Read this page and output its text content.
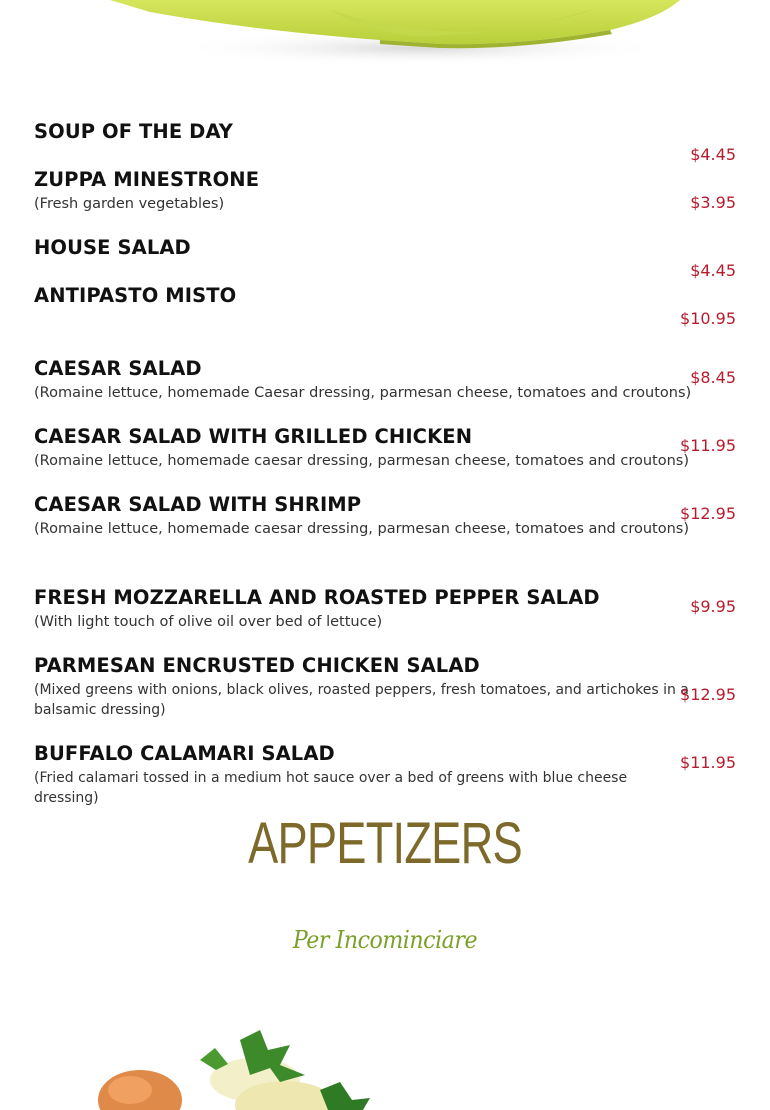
SOUP OF THE DAY
$4.45
ZUPPA MINESTRONE
(Fresh garden vegetables)	$3.95
HOUSE SALAD
$4.45
ANTIPASTO MISTO
$10.95
CAESAR SALAD
(Romaine lettuce, homemade Caesar dressing, parmesan cheese, tomatoes and croutons)
$8.45
CAESAR SALAD WITH GRILLED CHICKEN
(Romaine lettuce, homemade caesar dressing, parmesan cheese, tomatoes and croutons)
$11.95
CAESAR SALAD WITH SHRIMP
(Romaine lettuce, homemade caesar dressing, parmesan cheese, tomatoes and croutons)
$12.95
FRESH MOZZARELLA AND ROASTED PEPPER SALAD
(With light touch of olive oil over bed of lettuce)
$9.95
PARMESAN ENCRUSTED CHICKEN SALAD
(Mixed greens with onions, black olives, roasted peppers, fresh tomatoes, and artichokes in a balsamic dressing)
$12.95
BUFFALO CALAMARI SALAD
(Fried calamari tossed in a medium hot sauce over a bed of greens with blue cheese dressing)
$11.95
APPETIZERS
Per Incominciare
